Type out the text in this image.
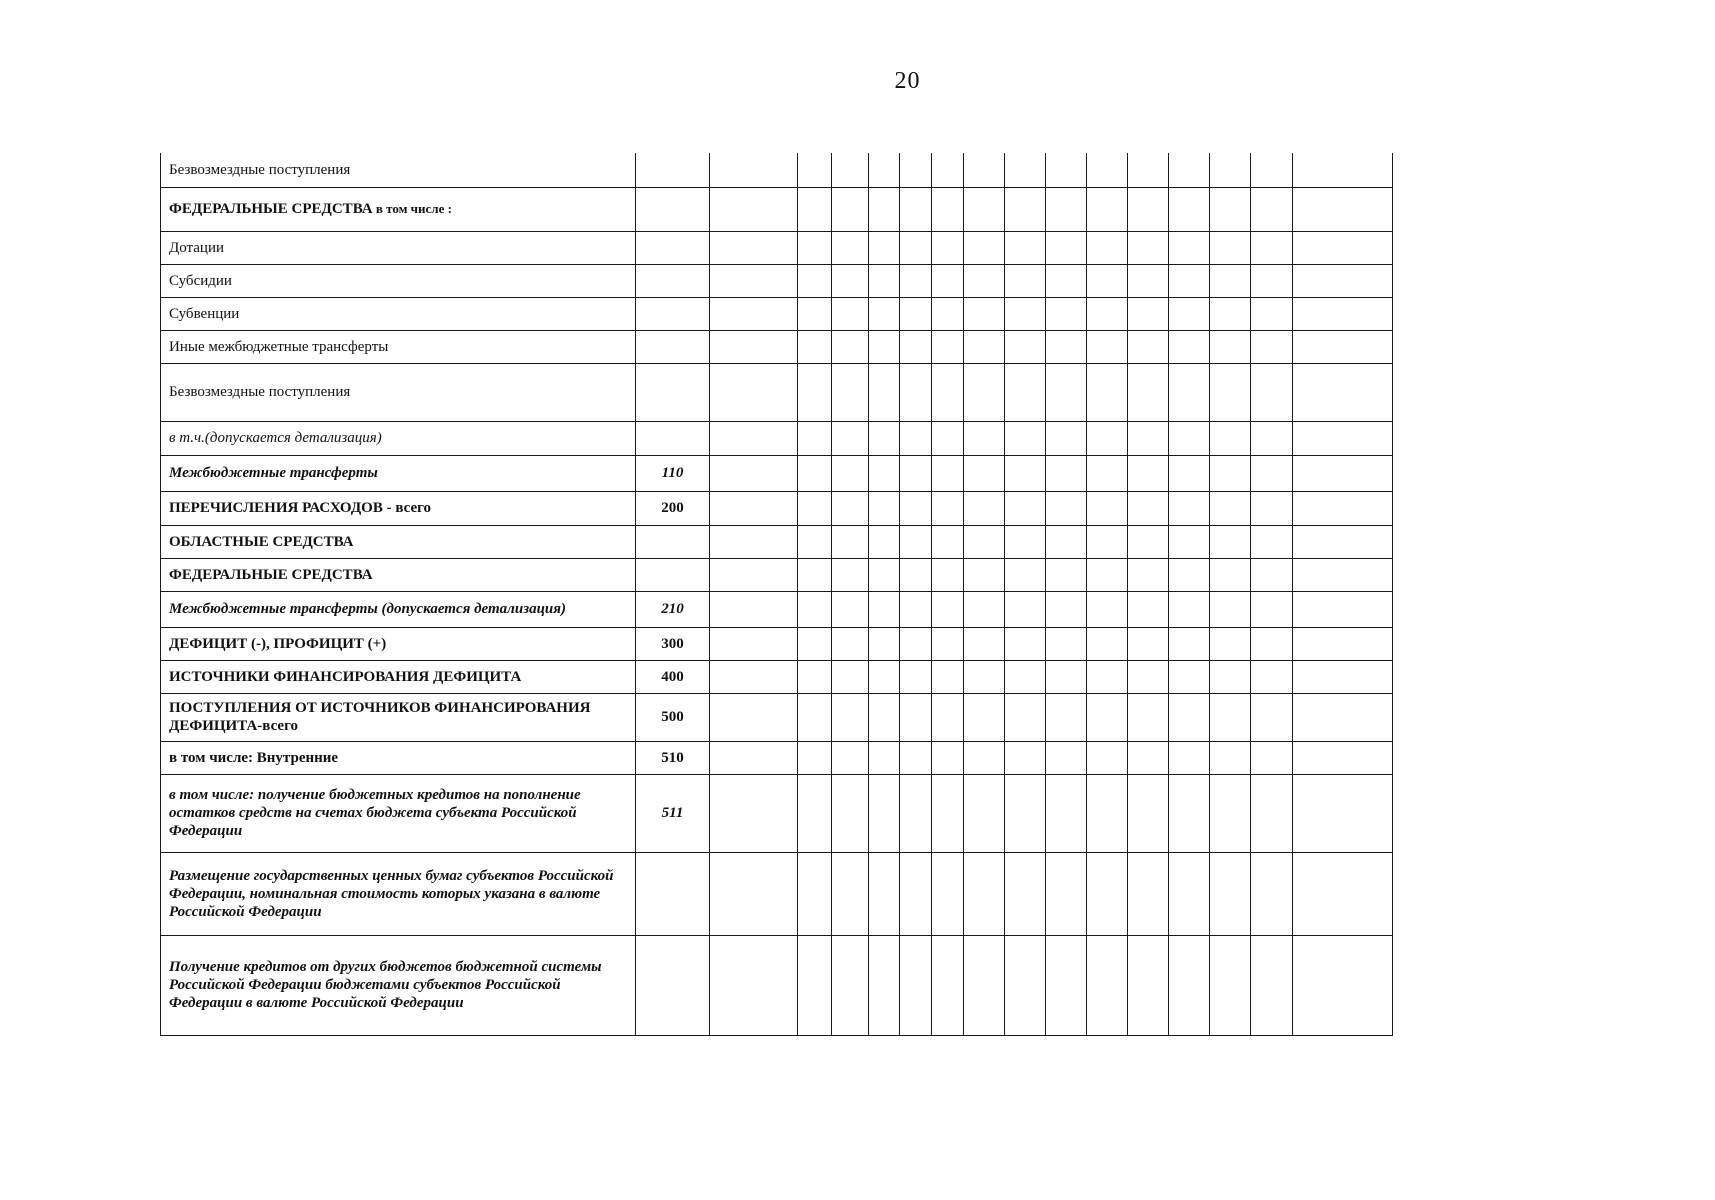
20
Безвозмездные поступления																
ФЕДЕРАЛЬНЫЕ СРЕДСТВА в том числе :																
Дотации																
Субсидии																
Субвенции																
Иные межбюджетные трансферты																
Безвозмездные поступления																
в т.ч.(допускается детализация)																
Межбюджетные трансферты	110															
ПЕРЕЧИСЛЕНИЯ РАСХОДОВ - всего	200															
ОБЛАСТНЫЕ СРЕДСТВА																
ФЕДЕРАЛЬНЫЕ СРЕДСТВА																
Межбюджетные трансферты (допускается детализация)	210															
ДЕФИЦИТ (-), ПРОФИЦИТ (+)	300															
ИСТОЧНИКИ ФИНАНСИРОВАНИЯ ДЕФИЦИТА	400															
ПОСТУПЛЕНИЯ ОТ ИСТОЧНИКОВ ФИНАНСИРОВАНИЯ ДЕФИЦИТА-всего	500															
в том числе: Внутренние	510															
в том числе: получение бюджетных кредитов на пополнение остатков средств на счетах бюджета субъекта Российской Федерации	511															
Размещение государственных ценных бумаг субъектов Российской Федерации, номинальная стоимость которых указана в валюте Российской Федерации																
Получение кредитов от других бюджетов бюджетной системы Российской Федерации бюджетами субъектов Российской Федерации в валюте Российской Федерации																
